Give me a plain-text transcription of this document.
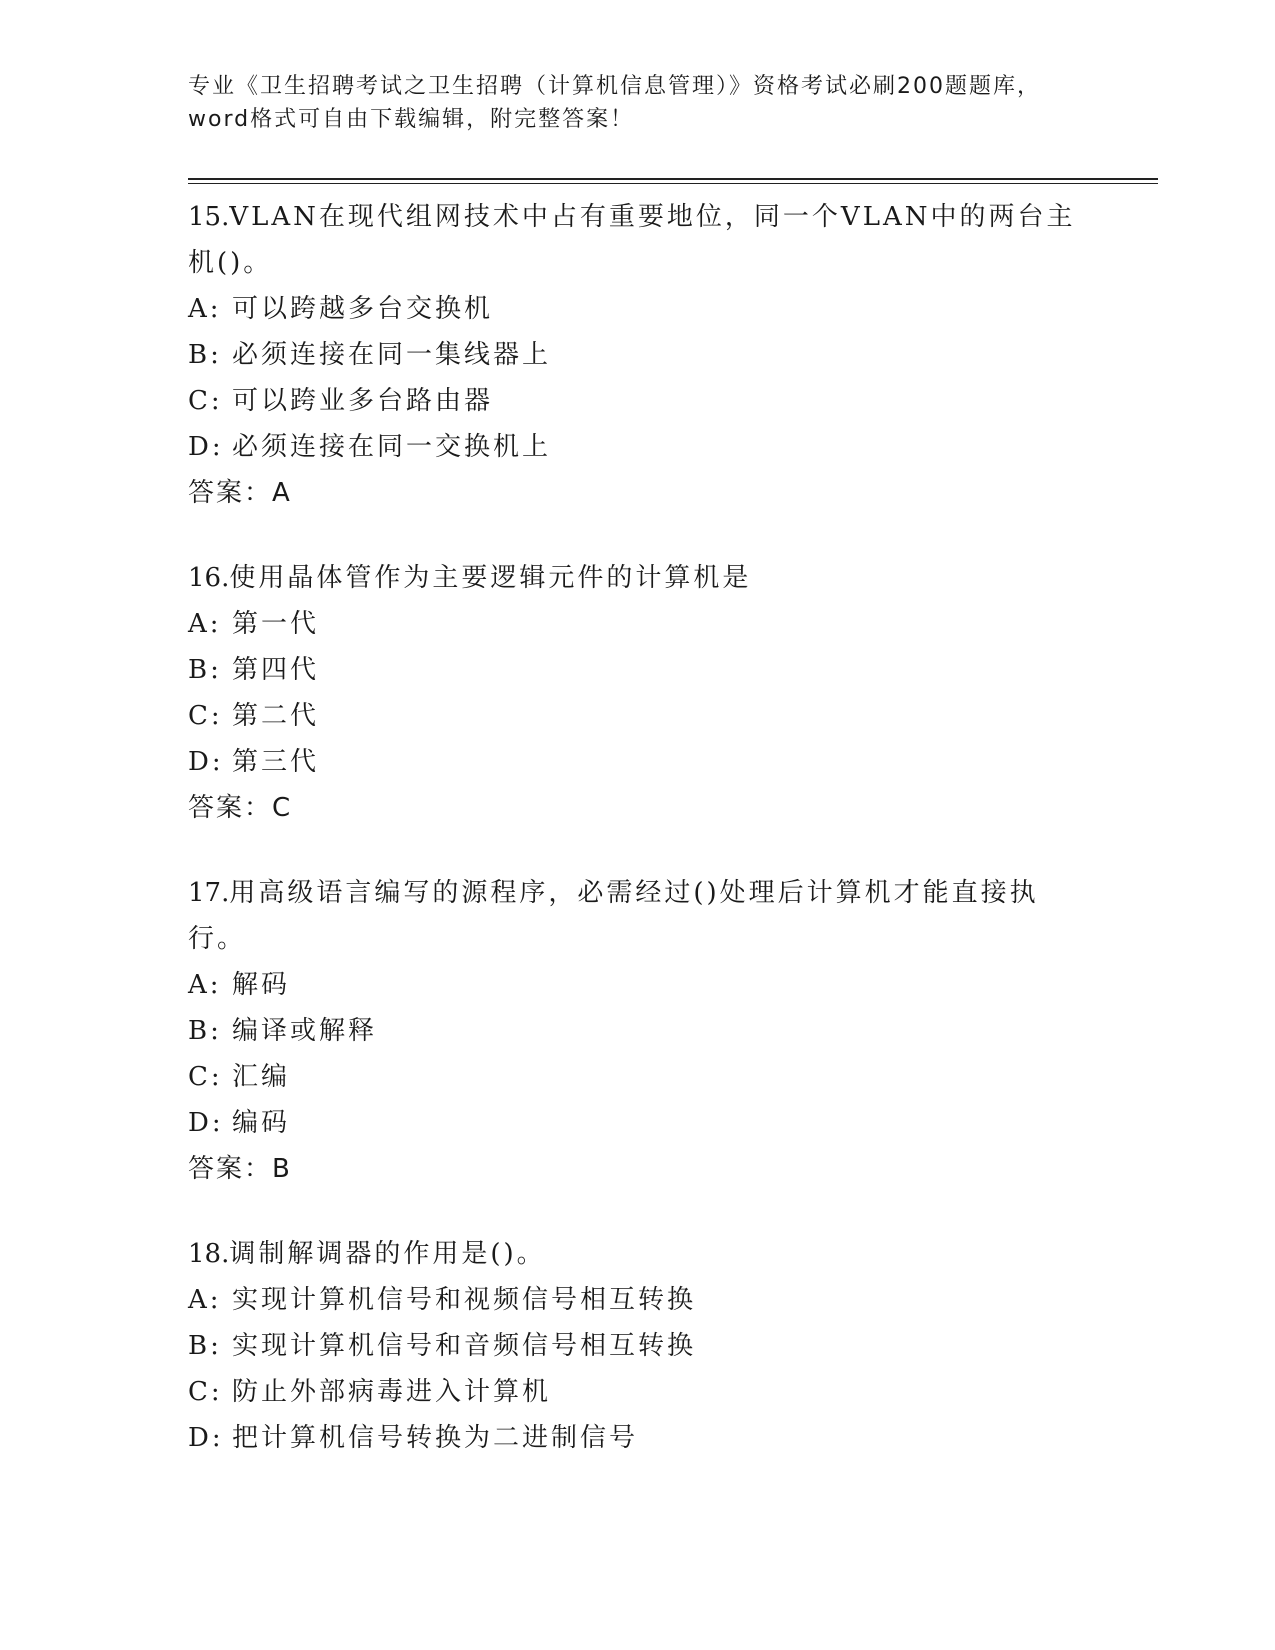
专业《卫生招聘考试之卫生招聘（计算机信息管理）》资格考试必刷200题题库，
word格式可自由下载编辑，附完整答案！

15.VLAN在现代组网技术中占有重要地位，同一个VLAN中的两台主机()。

A: 可以跨越多台交换机
B: 必须连接在同一集线器上
C: 可以跨业多台路由器
D: 必须连接在同一交换机上

答案：A

16.使用晶体管作为主要逻辑元件的计算机是

A: 第一代
B: 第四代
C: 第二代
D: 第三代

答案：C

17.用高级语言编写的源程序，必需经过()处理后计算机才能直接执行。

A: 解码
B: 编译或解释
C: 汇编
D: 编码

答案：B

18.调制解调器的作用是()。

A: 实现计算机信号和视频信号相互转换
B: 实现计算机信号和音频信号相互转换
C: 防止外部病毒进入计算机
D: 把计算机信号转换为二进制信号
